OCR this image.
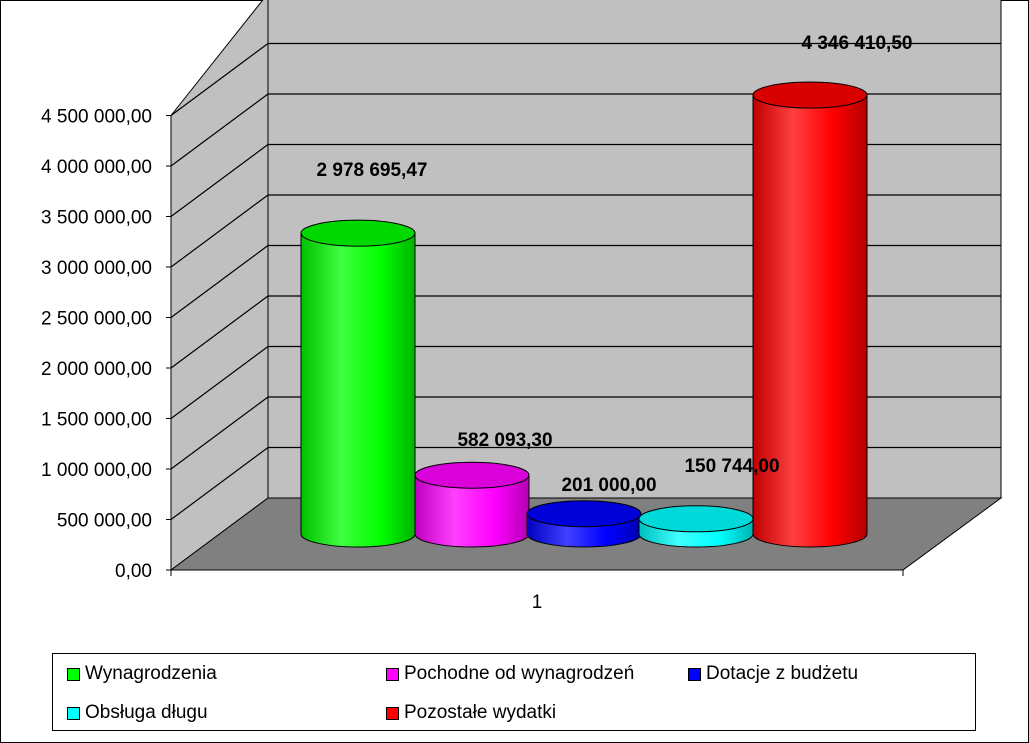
0,00
500 000,00
1 000 000,00
1 500 000,00
2 000 000,00
2 500 000,00
3 000 000,00
3 500 000,00
4 000 000,00
4 500 000,00
1
2 978 695,47
582 093,30
201 000,00
150 744,00
4 346 410,50
Wynagrodzenia	Pochodne od wynagrodzeń	Dotacje z budżetu
Obsługa długu	Pozostałe wydatki
